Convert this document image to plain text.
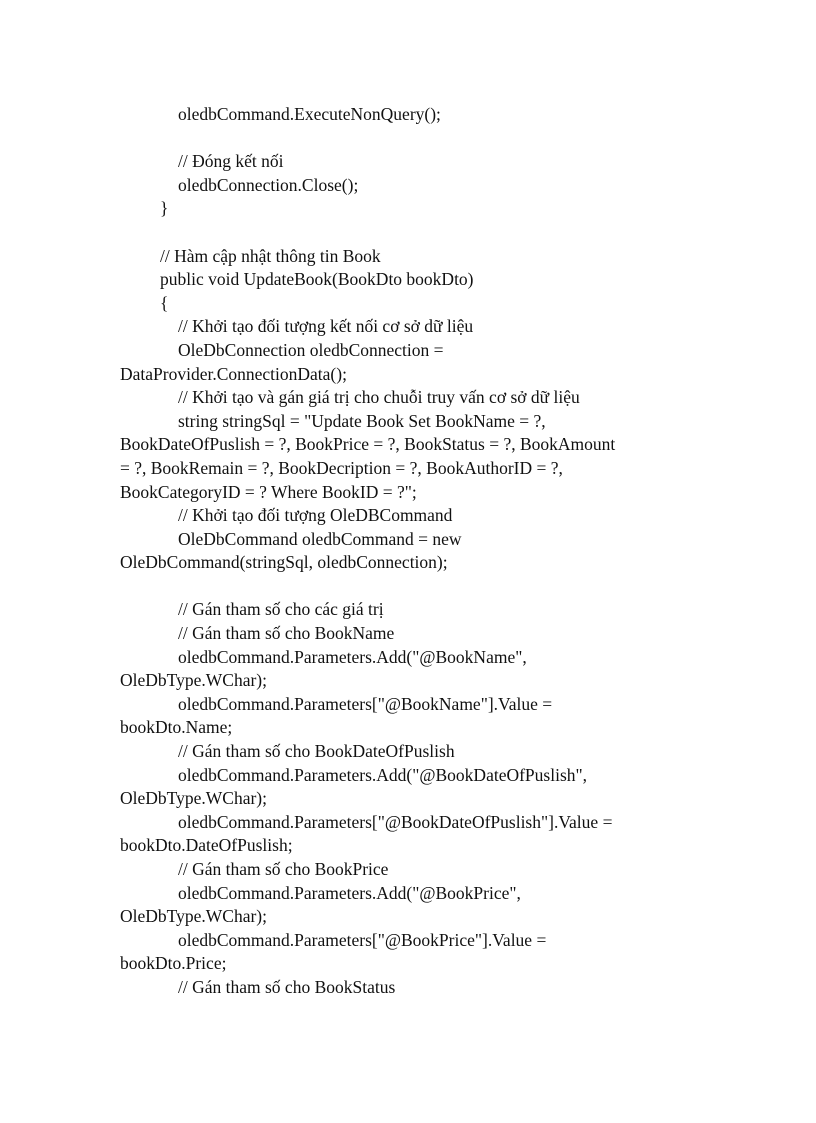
oledbCommand.ExecuteNonQuery();
// Đóng kết nối
oledbConnection.Close();
}
// Hàm cập nhật thông tin Book
public void UpdateBook(BookDto bookDto)
{
// Khởi tạo đối tượng kết nối cơ sở dữ liệu
OleDbConnection oledbConnection =
DataProvider.ConnectionData();
// Khởi tạo và gán giá trị cho chuỗi truy vấn cơ sở dữ liệu
string stringSql = "Update Book Set BookName = ?,
BookDateOfPuslish = ?, BookPrice = ?, BookStatus = ?, BookAmount
= ?, BookRemain = ?, BookDecription = ?, BookAuthorID = ?,
BookCategoryID = ? Where BookID = ?";
// Khởi tạo đối tượng OleDBCommand
OleDbCommand oledbCommand = new
OleDbCommand(stringSql, oledbConnection);
// Gán tham số cho các giá trị
// Gán tham số cho BookName
oledbCommand.Parameters.Add("@BookName",
OleDbType.WChar);
oledbCommand.Parameters["@BookName"].Value =
bookDto.Name;
// Gán tham số cho BookDateOfPuslish
oledbCommand.Parameters.Add("@BookDateOfPuslish",
OleDbType.WChar);
oledbCommand.Parameters["@BookDateOfPuslish"].Value =
bookDto.DateOfPuslish;
// Gán tham số cho BookPrice
oledbCommand.Parameters.Add("@BookPrice",
OleDbType.WChar);
oledbCommand.Parameters["@BookPrice"].Value =
bookDto.Price;
// Gán tham số cho BookStatus
